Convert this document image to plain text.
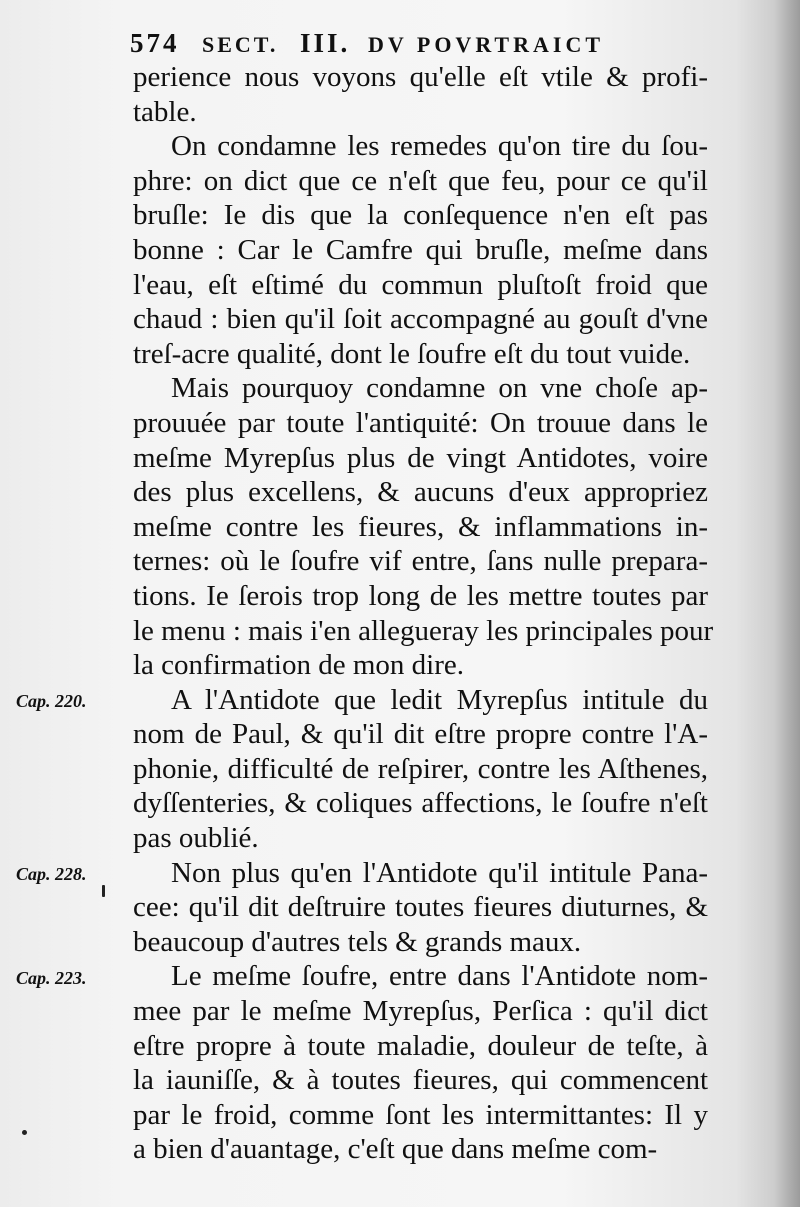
574 SECT. III. DV POVRTRAICT
perience nous voyons qu'elle eſt vtile & profi-
table.
On condamne les remedes qu'on tire du ſou-
phre: on dict que ce n'eſt que feu, pour ce qu'il
bruſle: Ie dis que la conſequence n'en eſt pas
bonne : Car le Camfre qui bruſle, meſme dans
l'eau, eſt eſtimé du commun pluſtoſt froid que
chaud : bien qu'il ſoit accompagné au gouſt d'vne
treſ-acre qualité, dont le ſoufre eſt du tout vuide.
Mais pourquoy condamne on vne choſe ap-
prouuée par toute l'antiquité: On trouue dans le
meſme Myrepſus plus de vingt Antidotes, voire
des plus excellens, & aucuns d'eux appropriez
meſme contre les fieures, & inflammations in-
ternes: où le ſoufre vif entre, ſans nulle prepara-
tions. Ie ſerois trop long de les mettre toutes par
le menu : mais i'en allegueray les principales pour
la confirmation de mon dire.
A l'Antidote que ledit Myrepſus intitule du
nom de Paul, & qu'il dit eſtre propre contre l'A-
phonie, difficulté de reſpirer, contre les Aſthenes,
dyſſenteries, & coliques affections, le ſoufre n'eſt
pas oublié.
Non plus qu'en l'Antidote qu'il intitule Pana-
cee: qu'il dit deſtruire toutes fieures diuturnes, &
beaucoup d'autres tels & grands maux.
Le meſme ſoufre, entre dans l'Antidote nom-
mee par le meſme Myrepſus, Perſica : qu'il dict
eſtre propre à toute maladie, douleur de teſte, à
la iauniſſe, & à toutes fieures, qui commencent
par le froid, comme ſont les intermittantes: Il y
a bien d'auantage, c'eſt que dans meſme com-
Cap. 220.
Cap. 228.
Cap. 223.
